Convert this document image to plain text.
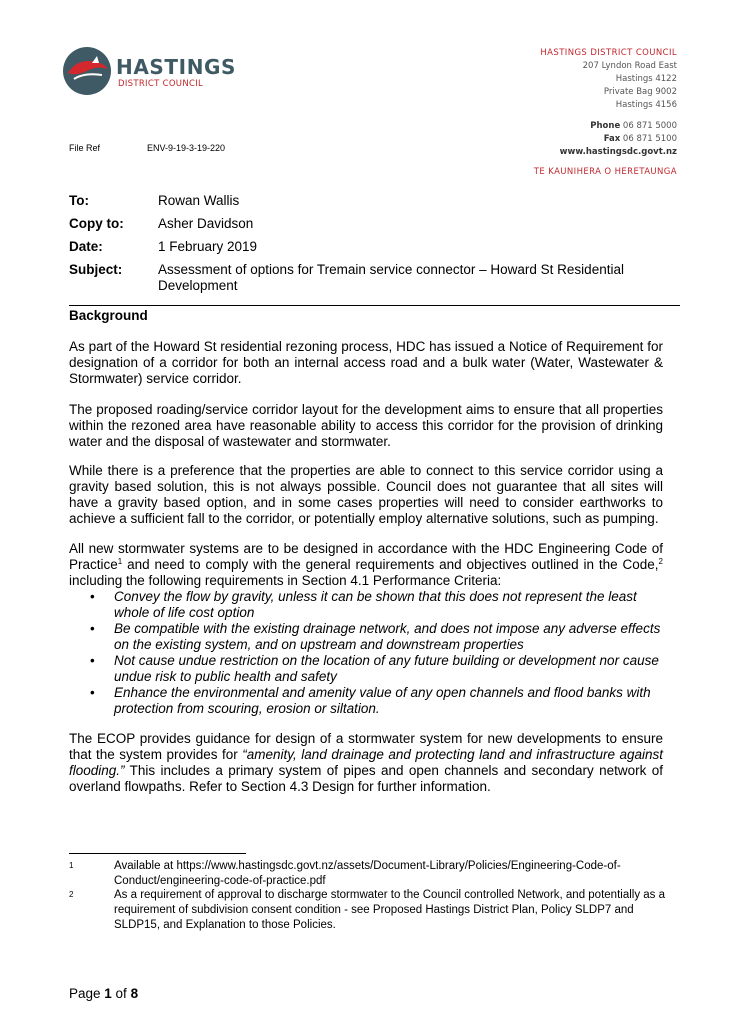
HASTINGS
DISTRICT COUNCIL
HASTINGS DISTRICT COUNCIL
207 Lyndon Road East
Hastings 4122
Private Bag 9002
Hastings 4156
Phone 06 871 5000
Fax 06 871 5100
www.hastingsdc.govt.nz
TE KAUNIHERA O HERETAUNGA
File Ref	ENV-9-19-3-19-220
To:	Rowan Wallis
Copy to:	Asher Davidson
Date:	1 February 2019
Subject:	Assessment of options for Tremain service connector – Howard St Residential Development
Background

As part of the Howard St residential rezoning process, HDC has issued a Notice of Requirement for designation of a corridor for both an internal access road and a bulk water (Water, Wastewater & Stormwater) service corridor.

The proposed roading/service corridor layout for the development aims to ensure that all properties within the rezoned area have reasonable ability to access this corridor for the provision of drinking water and the disposal of wastewater and stormwater.

While there is a preference that the properties are able to connect to this service corridor using a gravity based solution, this is not always possible. Council does not guarantee that all sites will have a gravity based option, and in some cases properties will need to consider earthworks to achieve a sufficient fall to the corridor, or potentially employ alternative solutions, such as pumping.

All new stormwater systems are to be designed in accordance with the HDC Engineering Code of Practice$^1$ and need to comply with the general requirements and objectives outlined in the Code,$^2$ including the following requirements in Section 4.1 Performance Criteria:

• Convey the flow by gravity, unless it can be shown that this does not represent the least whole of life cost option
• Be compatible with the existing drainage network, and does not impose any adverse effects on the existing system, and on upstream and downstream properties
• Not cause undue restriction on the location of any future building or development nor cause undue risk to public health and safety
• Enhance the environmental and amenity value of any open channels and flood banks with protection from scouring, erosion or siltation.

The ECOP provides guidance for design of a stormwater system for new developments to ensure that the system provides for “amenity, land drainage and protecting land and infrastructure against flooding.” This includes a primary system of pipes and open channels and secondary network of overland flowpaths. Refer to Section 4.3 Design for further information.

1	Available at https://www.hastingsdc.govt.nz/assets/Document-Library/Policies/Engineering-Code-of-Conduct/engineering-code-of-practice.pdf
2	As a requirement of approval to discharge stormwater to the Council controlled Network, and potentially as a requirement of subdivision consent condition - see Proposed Hastings District Plan, Policy SLDP7 and SLDP15, and Explanation to those Policies.
Page 1 of 8
